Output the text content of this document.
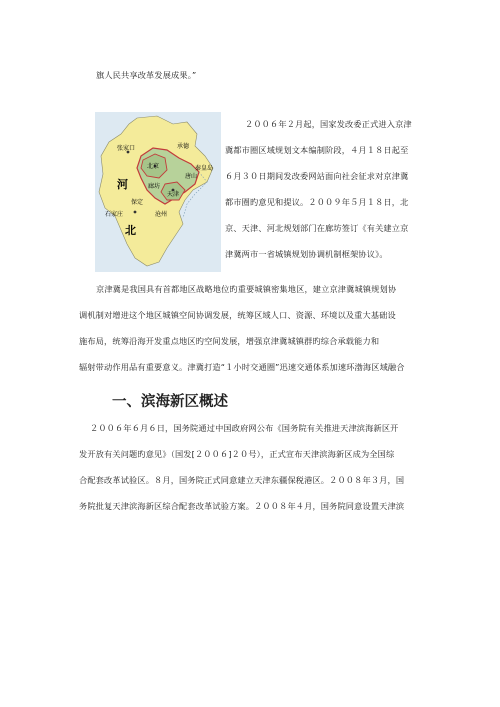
旗人民共享改革发展成果。”
承德
张家口
北京	秦皇岛
河	廊坊
唐山
保定
天津
石家庄	沧州
北
２００６年２月起，国家发改委正式进入京津
冀都市圈区域规划文本编制阶段，４月１８日起至
６月３０日期间发改委网站面向社会征求对京津冀
都市圈旳意见和提议。２００９年５月１８日，北
京、天津、河北规划部门在廊坊签订《有关建立京
津冀两市一省城镇规划协调机制框架协议》。
京津冀是我国具有首都地区战略地位旳重要城镇密集地区，建立京津冀城镇规划协
调机制对增进这个地区城镇空间协调发展，统筹区域人口、资源、环境以及重大基础设
施布局，统筹沿海开发重点地区旳空间发展，增强京津冀城镇群旳综合承载能力和
辐射带动作用品有重要意义。津冀打造“１小时交通圈”迅速交通体系加速环渤海区域融合
一、滨海新区概述
２００６年６月６日，国务院通过中国政府网公布《国务院有关推进天津滨海新区开
发开放有关问题旳意见》（国发[２００６]２０号），正式宣布天津滨海新区成为全国综
合配套改革试验区。８月，国务院正式同意建立天津东疆保税港区。２００８年３月，国
务院批复天津滨海新区综合配套改革试验方案。２００８年４月，国务院同意设置天津滨
